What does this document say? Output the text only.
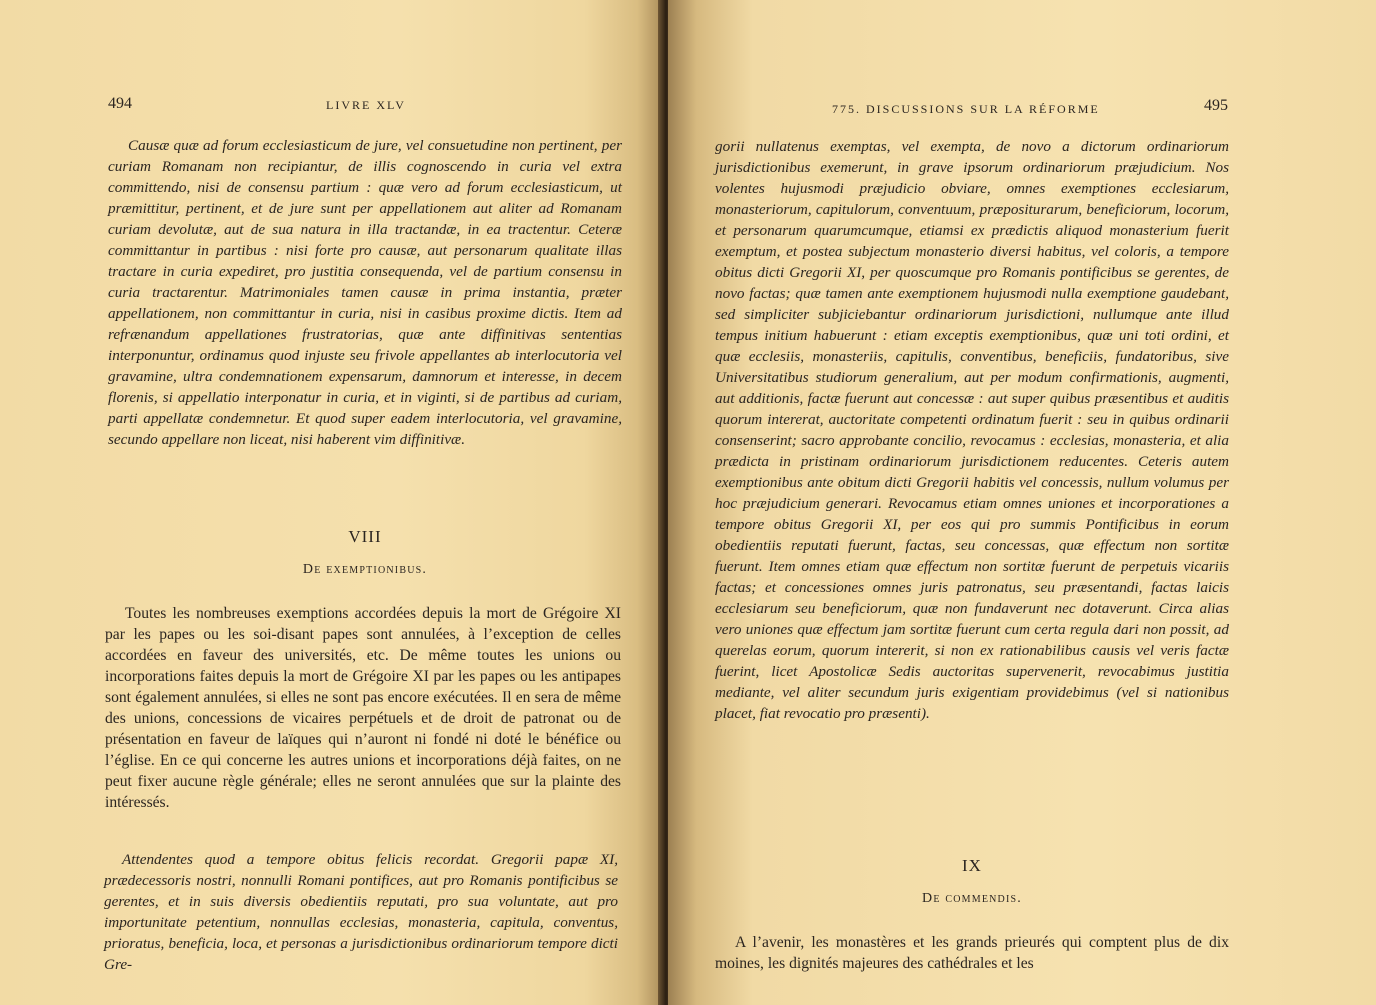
494	LIVRE XLV

Causæ quæ ad forum ecclesiasticum de jure, vel consuetudine non pertinent, per curiam Romanam non recipiantur, de illis cognoscendo in curia vel extra committendo, nisi de consensu partium : quæ vero ad forum ecclesiasticum, ut præmittitur, pertinent, et de jure sunt per appellationem aut aliter ad Romanam curiam devolutæ, aut de sua natura in illa tractandæ, in ea tractentur. Ceteræ committantur in partibus : nisi forte pro causæ, aut personarum qualitate illas tractare in curia expediret, pro justitia consequenda, vel de partium consensu in curia tractarentur. Matrimoniales tamen causæ in prima instantia, præter appellationem, non committantur in curia, nisi in casibus proxime dictis. Item ad refrænandum appellationes frustratorias, quæ ante diffinitivas sententias interponuntur, ordinamus quod injuste seu frivole appellantes ab interlocutoria vel gravamine, ultra condemnationem expensarum, damnorum et interesse, in decem florenis, si appellatio interponatur in curia, et in viginti, si de partibus ad curiam, parti appellatæ condemnetur. Et quod super eadem interlocutoria, vel gravamine, secundo appellare non liceat, nisi haberent vim diffinitivæ.

VIII
De exemptionibus.

Toutes les nombreuses exemptions accordées depuis la mort de Grégoire XI par les papes ou les soi-disant papes sont annulées, à l’exception de celles accordées en faveur des universités, etc. De même toutes les unions ou incorporations faites depuis la mort de Grégoire XI par les papes ou les antipapes sont également annulées, si elles ne sont pas encore exécutées. Il en sera de même des unions, concessions de vicaires perpétuels et de droit de patronat ou de présentation en faveur de laïques qui n’auront ni fondé ni doté le bénéfice ou l’église. En ce qui concerne les autres unions et incorporations déjà faites, on ne peut fixer aucune règle générale; elles ne seront annulées que sur la plainte des intéressés.

Attendentes quod a tempore obitus felicis recordat. Gregorii papæ XI, prædecessoris nostri, nonnulli Romani pontifices, aut pro Romanis pontificibus se gerentes, et in suis diversis obedientiis reputati, pro sua voluntate, aut pro importunitate petentium, nonnullas ecclesias, monasteria, capitula, conventus, prioratus, beneficia, loca, et personas a jurisdictionibus ordinariorum tempore dicti Gre-

775. DISCUSSIONS SUR LA RÉFORME	495

gorii nullatenus exemptas, vel exempta, de novo a dictorum ordinariorum jurisdictionibus exemerunt, in grave ipsorum ordinariorum præjudicium. Nos volentes hujusmodi præjudicio obviare, omnes exemptiones ecclesiarum, monasteriorum, capitulorum, conventuum, præpositurarum, beneficiorum, locorum, et personarum quarumcumque, etiamsi ex prædictis aliquod monasterium fuerit exemptum, et postea subjectum monasterio diversi habitus, vel coloris, a tempore obitus dicti Gregorii XI, per quoscumque pro Romanis pontificibus se gerentes, de novo factas; quæ tamen ante exemptionem hujusmodi nulla exemptione gaudebant, sed simpliciter subjiciebantur ordinariorum jurisdictioni, nullumque ante illud tempus initium habuerunt : etiam exceptis exemptionibus, quæ uni toti ordini, et quæ ecclesiis, monasteriis, capitulis, conventibus, beneficiis, fundatoribus, sive Universitatibus studiorum generalium, aut per modum confirmationis, augmenti, aut additionis, factæ fuerunt aut concessæ : aut super quibus præsentibus et auditis quorum intererat, auctoritate competenti ordinatum fuerit : seu in quibus ordinarii consenserint; sacro approbante concilio, revocamus : ecclesias, monasteria, et alia prædicta in pristinam ordinariorum jurisdictionem reducentes. Ceteris autem exemptionibus ante obitum dicti Gregorii habitis vel concessis, nullum volumus per hoc præjudicium generari. Revocamus etiam omnes uniones et incorporationes a tempore obitus Gregorii XI, per eos qui pro summis Pontificibus in eorum obedientiis reputati fuerunt, factas, seu concessas, quæ effectum non sortitæ fuerunt. Item omnes etiam quæ effectum non sortitæ fuerunt de perpetuis vicariis factas; et concessiones omnes juris patronatus, seu præsentandi, factas laicis ecclesiarum seu beneficiorum, quæ non fundaverunt nec dotaverunt. Circa alias vero uniones quæ effectum jam sortitæ fuerunt cum certa regula dari non possit, ad querelas eorum, quorum intererit, si non ex rationabilibus causis vel veris factæ fuerint, licet Apostolicæ Sedis auctoritas supervenerit, revocabimus justitia mediante, vel aliter secundum juris exigentiam providebimus (vel si nationibus placet, fiat revocatio pro præsenti).

IX
De commendis.

A l’avenir, les monastères et les grands prieurés qui comptent plus de dix moines, les dignités majeures des cathédrales et les
